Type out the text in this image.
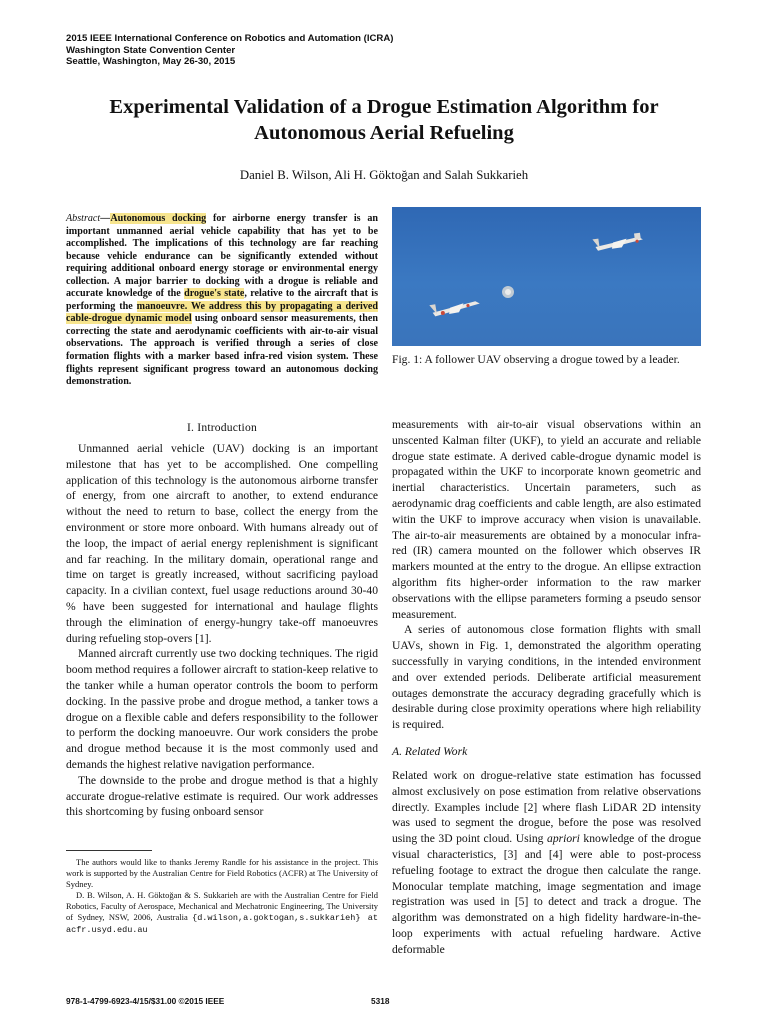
2015 IEEE International Conference on Robotics and Automation (ICRA)
Washington State Convention Center
Seattle, Washington, May 26-30, 2015
Experimental Validation of a Drogue Estimation Algorithm for
Autonomous Aerial Refueling
Daniel B. Wilson, Ali H. Göktoğan and Salah Sukkarieh

Abstract—Autonomous docking for airborne energy transfer is an important unmanned aerial vehicle capability that has yet to be accomplished. The implications of this technology are far reaching because vehicle endurance can be significantly extended without requiring additional onboard energy storage or environmental energy collection. A major barrier to docking with a drogue is reliable and accurate knowledge of the drogue's state, relative to the aircraft that is performing the manoeuvre. We address this by propagating a derived cable-drogue dynamic model using onboard sensor measurements, then correcting the state and aerodynamic coefficients with air-to-air visual observations. The approach is verified through a series of close formation flights with a marker based infra-red vision system. These flights represent significant progress toward an autonomous docking demonstration.

I. Introduction

Unmanned aerial vehicle (UAV) docking is an important milestone that has yet to be accomplished. One compelling application of this technology is the autonomous airborne transfer of energy, from one aircraft to another, to extend endurance without the need to return to base, collect the energy from the environment or store more onboard. With humans already out of the loop, the impact of aerial energy replenishment is significant and far reaching. In the military domain, operational range and time on target is greatly increased, without sacrificing payload capacity. In a civilian context, fuel usage reductions around 30-40 % have been suggested for international and haulage flights through the elimination of energy-hungry take-off manoeuvres during refueling stop-overs [1].

Manned aircraft currently use two docking techniques. The rigid boom method requires a follower aircraft to station-keep relative to the tanker while a human operator controls the boom to perform docking. In the passive probe and drogue method, a tanker tows a drogue on a flexible cable and defers responsibility to the follower to perform the docking manoeuvre. Our work considers the probe and drogue method because it is the most commonly used and demands the highest relative navigation performance.

The downside to the probe and drogue method is that a highly accurate drogue-relative estimate is required. Our work addresses this shortcoming by fusing onboard sensor

The authors would like to thanks Jeremy Randle for his assistance in the project. This work is supported by the Australian Centre for Field Robotics (ACFR) at The University of Sydney.

D. B. Wilson, A. H. Göktoğan & S. Sukkarieh are with the Australian Centre for Field Robotics, Faculty of Aerospace, Mechanical and Mechatronic Engineering, The University of Sydney, NSW, 2006, Australia {d.wilson,a.goktogan,s.sukkarieh} at acfr.usyd.edu.au

Fig. 1: A follower UAV observing a drogue towed by a leader.

measurements with air-to-air visual observations within an unscented Kalman filter (UKF), to yield an accurate and reliable drogue state estimate. A derived cable-drogue dynamic model is propagated within the UKF to incorporate known geometric and inertial characteristics. Uncertain parameters, such as aerodynamic drag coefficients and cable length, are also estimated witin the UKF to improve accuracy when vision is unavailable. The air-to-air measurements are obtained by a monocular infra-red (IR) camera mounted on the follower which observes IR markers mounted at the entry to the drogue. An ellipse extraction algorithm fits higher-order information to the raw marker observations with the ellipse parameters forming a pseudo sensor measurement.

A series of autonomous close formation flights with small UAVs, shown in Fig. 1, demonstrated the algorithm operating successfully in varying conditions, in the intended environment and over extended periods. Deliberate artificial measurement outages demonstrate the accuracy degrading gracefully which is desirable during close proximity operations where high reliability is required.

A. Related Work

Related work on drogue-relative state estimation has focussed almost exclusively on pose estimation from relative observations directly. Examples include [2] where flash LiDAR 2D intensity was used to segment the drogue, before the pose was resolved using the 3D point cloud. Using apriori knowledge of the drogue visual characteristics, [3] and [4] were able to post-process refueling footage to extract the drogue then calculate the range. Monocular template matching, image segmentation and image registration was used in [5] to detect and track a drogue. The algorithm was demonstrated on a high fidelity hardware-in-the-loop experiments with actual refueling hardware. Active deformable

978-1-4799-6923-4/15/$31.00 ©2015 IEEE	5318
